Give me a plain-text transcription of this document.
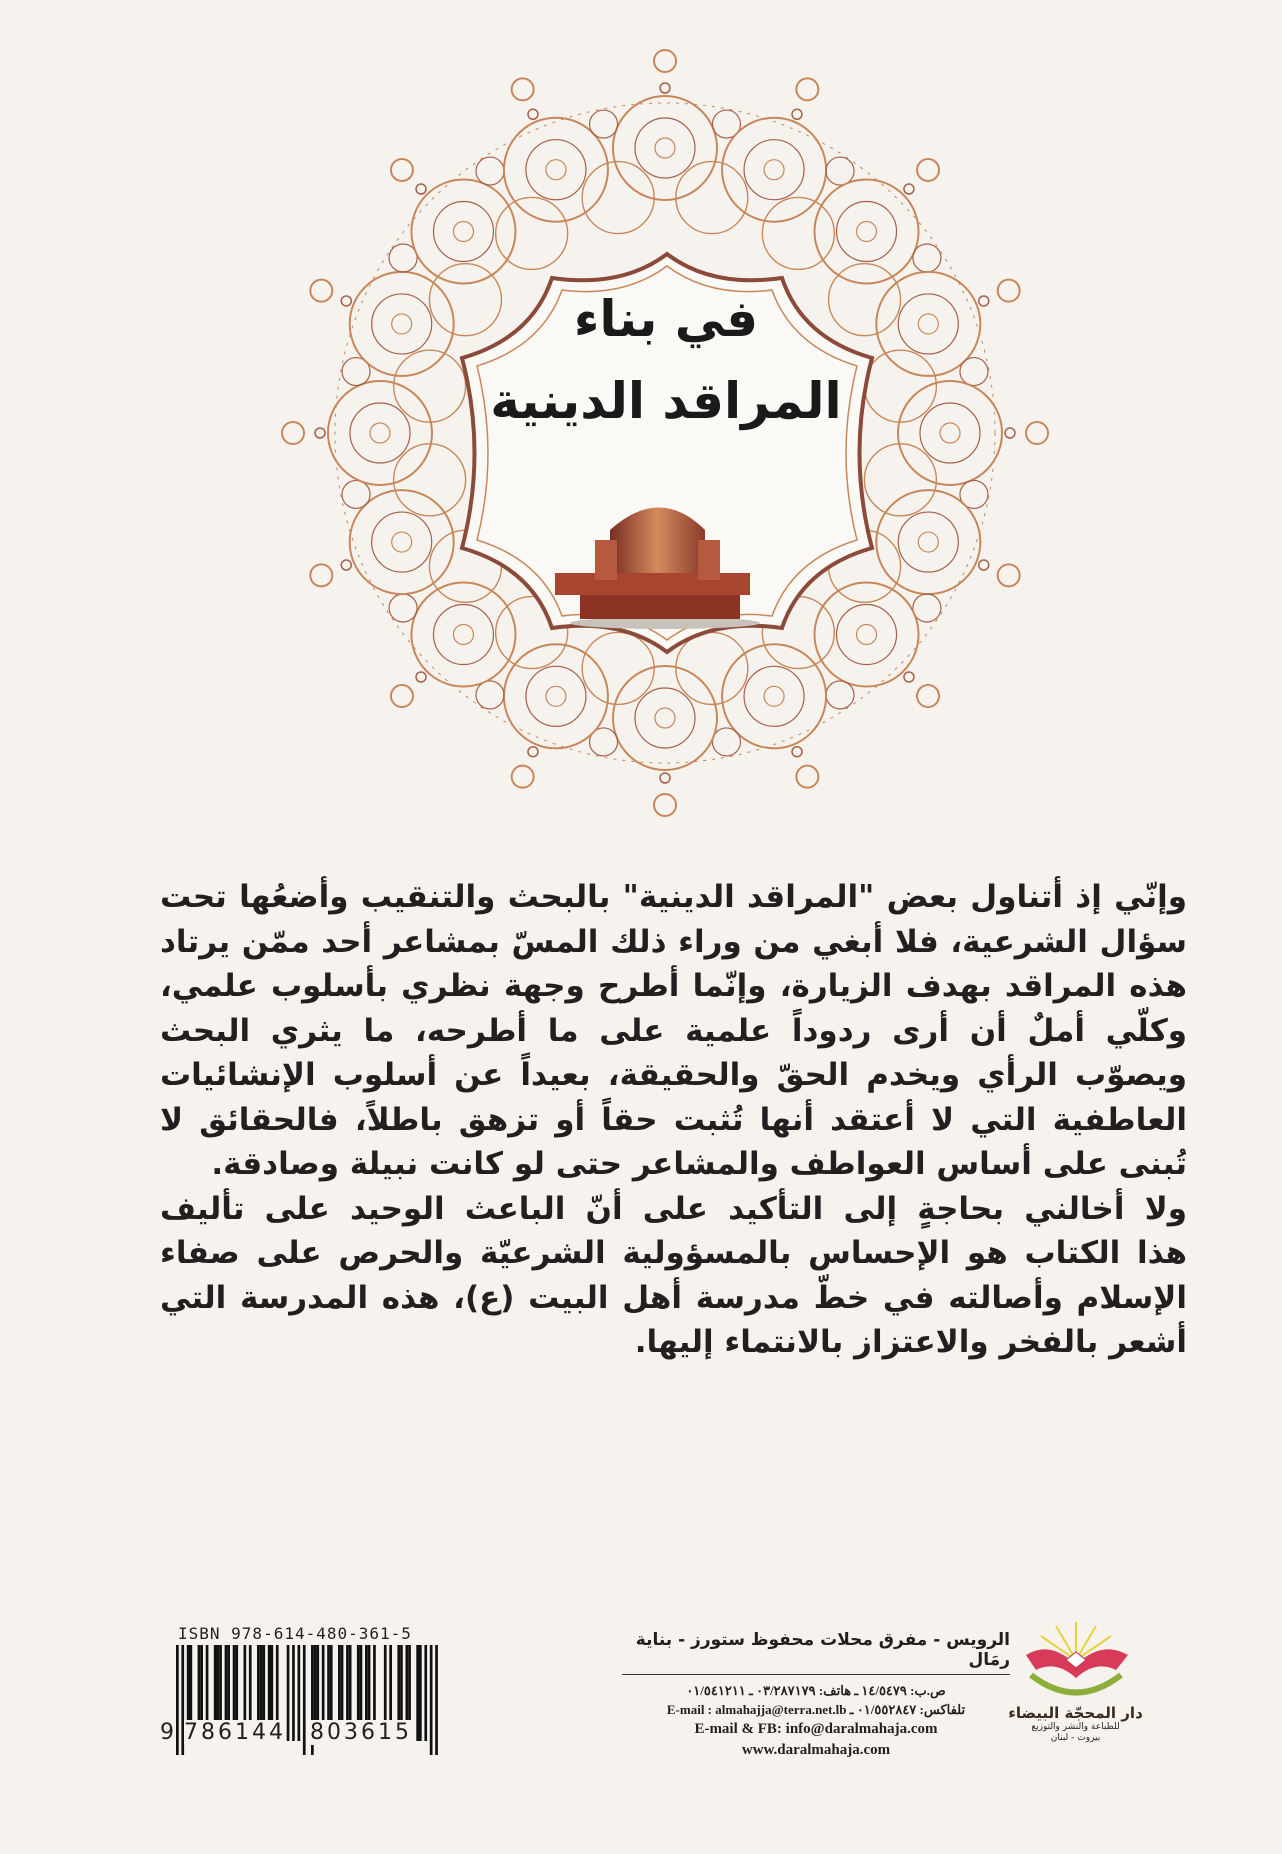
في بناء
المراقد الدينية
وإنّي إذ أتناول بعض "المراقد الدينية" بالبحث والتنقيب وأضعُها تحت
سؤال الشرعية، فلا أبغي من وراء ذلك المسّ بمشاعر أحد ممّن يرتاد
هذه المراقد بهدف الزيارة، وإنّما أطرح وجهة نظري بأسلوب علمي،
وكلّي أملٌ أن أرى ردوداً علمية على ما أطرحه، ما يثري البحث
ويصوّب الرأي ويخدم الحقّ والحقيقة، بعيداً عن أسلوب الإنشائيات
العاطفية التي لا أعتقد أنها تُثبت حقاً أو تزهق باطلاً، فالحقائق لا
تُبنى على أساس العواطف والمشاعر حتى لو كانت نبيلة وصادقة.
ولا أخالني بحاجةٍ إلى التأكيد على أنّ الباعث الوحيد على تأليف
هذا الكتاب هو الإحساس بالمسؤولية الشرعيّة والحرص على صفاء
الإسلام وأصالته في خطّ مدرسة أهل البيت (ع)، هذه المدرسة التي
أشعر بالفخر والاعتزاز بالانتماء إليها.
ISBN 978-614-480-361-5
9 786144 803615
الرويس - مفرق محلات محفوظ ستورز - بناية رمَال
ص.ب: ١٤/٥٤٧٩ ـ هاتف: ٠٣/٢٨٧١٧٩ ـ ٠١/٥٤١٢١١
تلفاكس: ٠١/٥٥٢٨٤٧ ـ E-mail : almahajja@terra.net.lb
E-mail & FB: info@daralmahaja.com
www.daralmahaja.com
دار المحجّة البيضاء
للطباعة والنشر والتوزيع
بيروت - لبنان
